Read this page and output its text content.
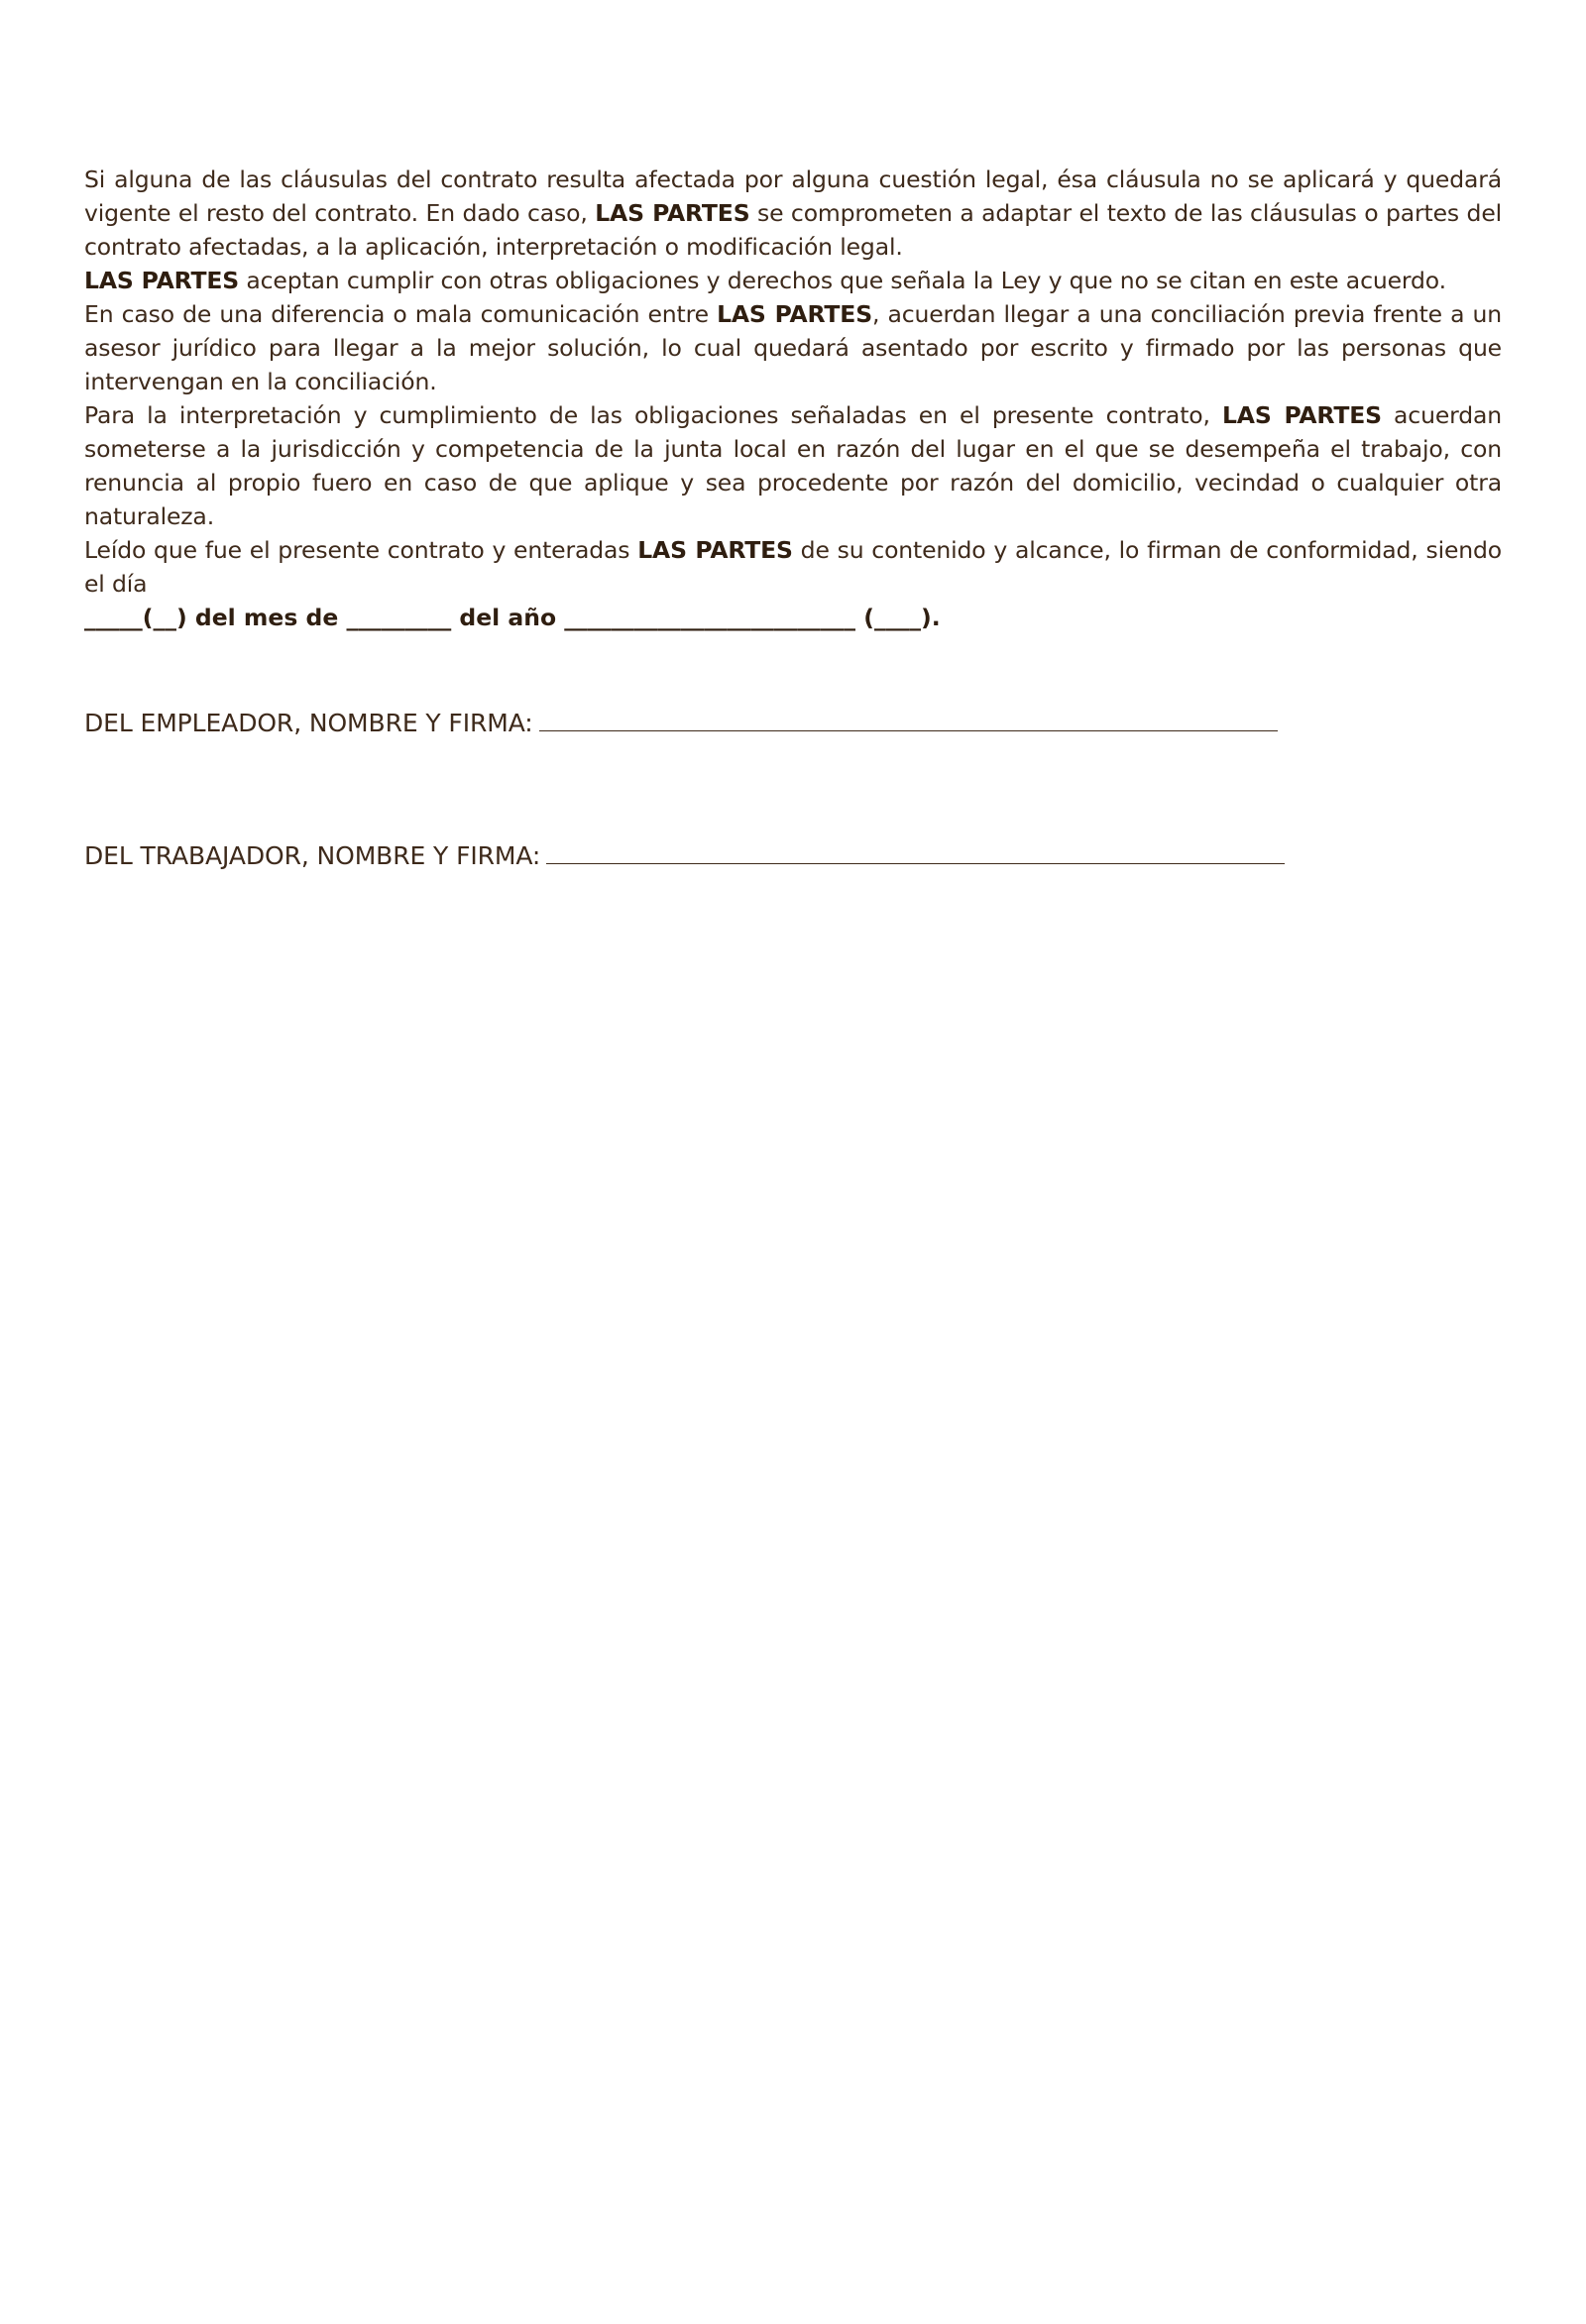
Si alguna de las cláusulas del contrato resulta afectada por alguna cuestión legal, ésa cláusula no se aplicará y quedará vigente el resto del contrato. En dado caso, LAS PARTES se comprometen a adaptar el texto de las cláusulas o partes del contrato afectadas, a la aplicación, interpretación o modificación legal.

LAS PARTES aceptan cumplir con otras obligaciones y derechos que señala la Ley y que no se citan en este acuerdo.

En caso de una diferencia o mala comunicación entre LAS PARTES, acuerdan llegar a una conciliación previa frente a un asesor jurídico para llegar a la mejor solución, lo cual quedará asentado por escrito y firmado por las personas que intervengan en la conciliación.

Para la interpretación y cumplimiento de las obligaciones señaladas en el presente contrato, LAS PARTES acuerdan someterse a la jurisdicción y competencia de la junta local en razón del lugar en el que se desempeña el trabajo, con renuncia al propio fuero en caso de que aplique y sea procedente por razón del domicilio, vecindad o cualquier otra naturaleza.

Leído que fue el presente contrato y enteradas LAS PARTES de su contenido y alcance, lo firman de conformidad, siendo el día

_____(__) del mes de _________ del año _________________________ (____).

DEL EMPLEADOR, NOMBRE Y FIRMA:
DEL TRABAJADOR, NOMBRE Y FIRMA:
